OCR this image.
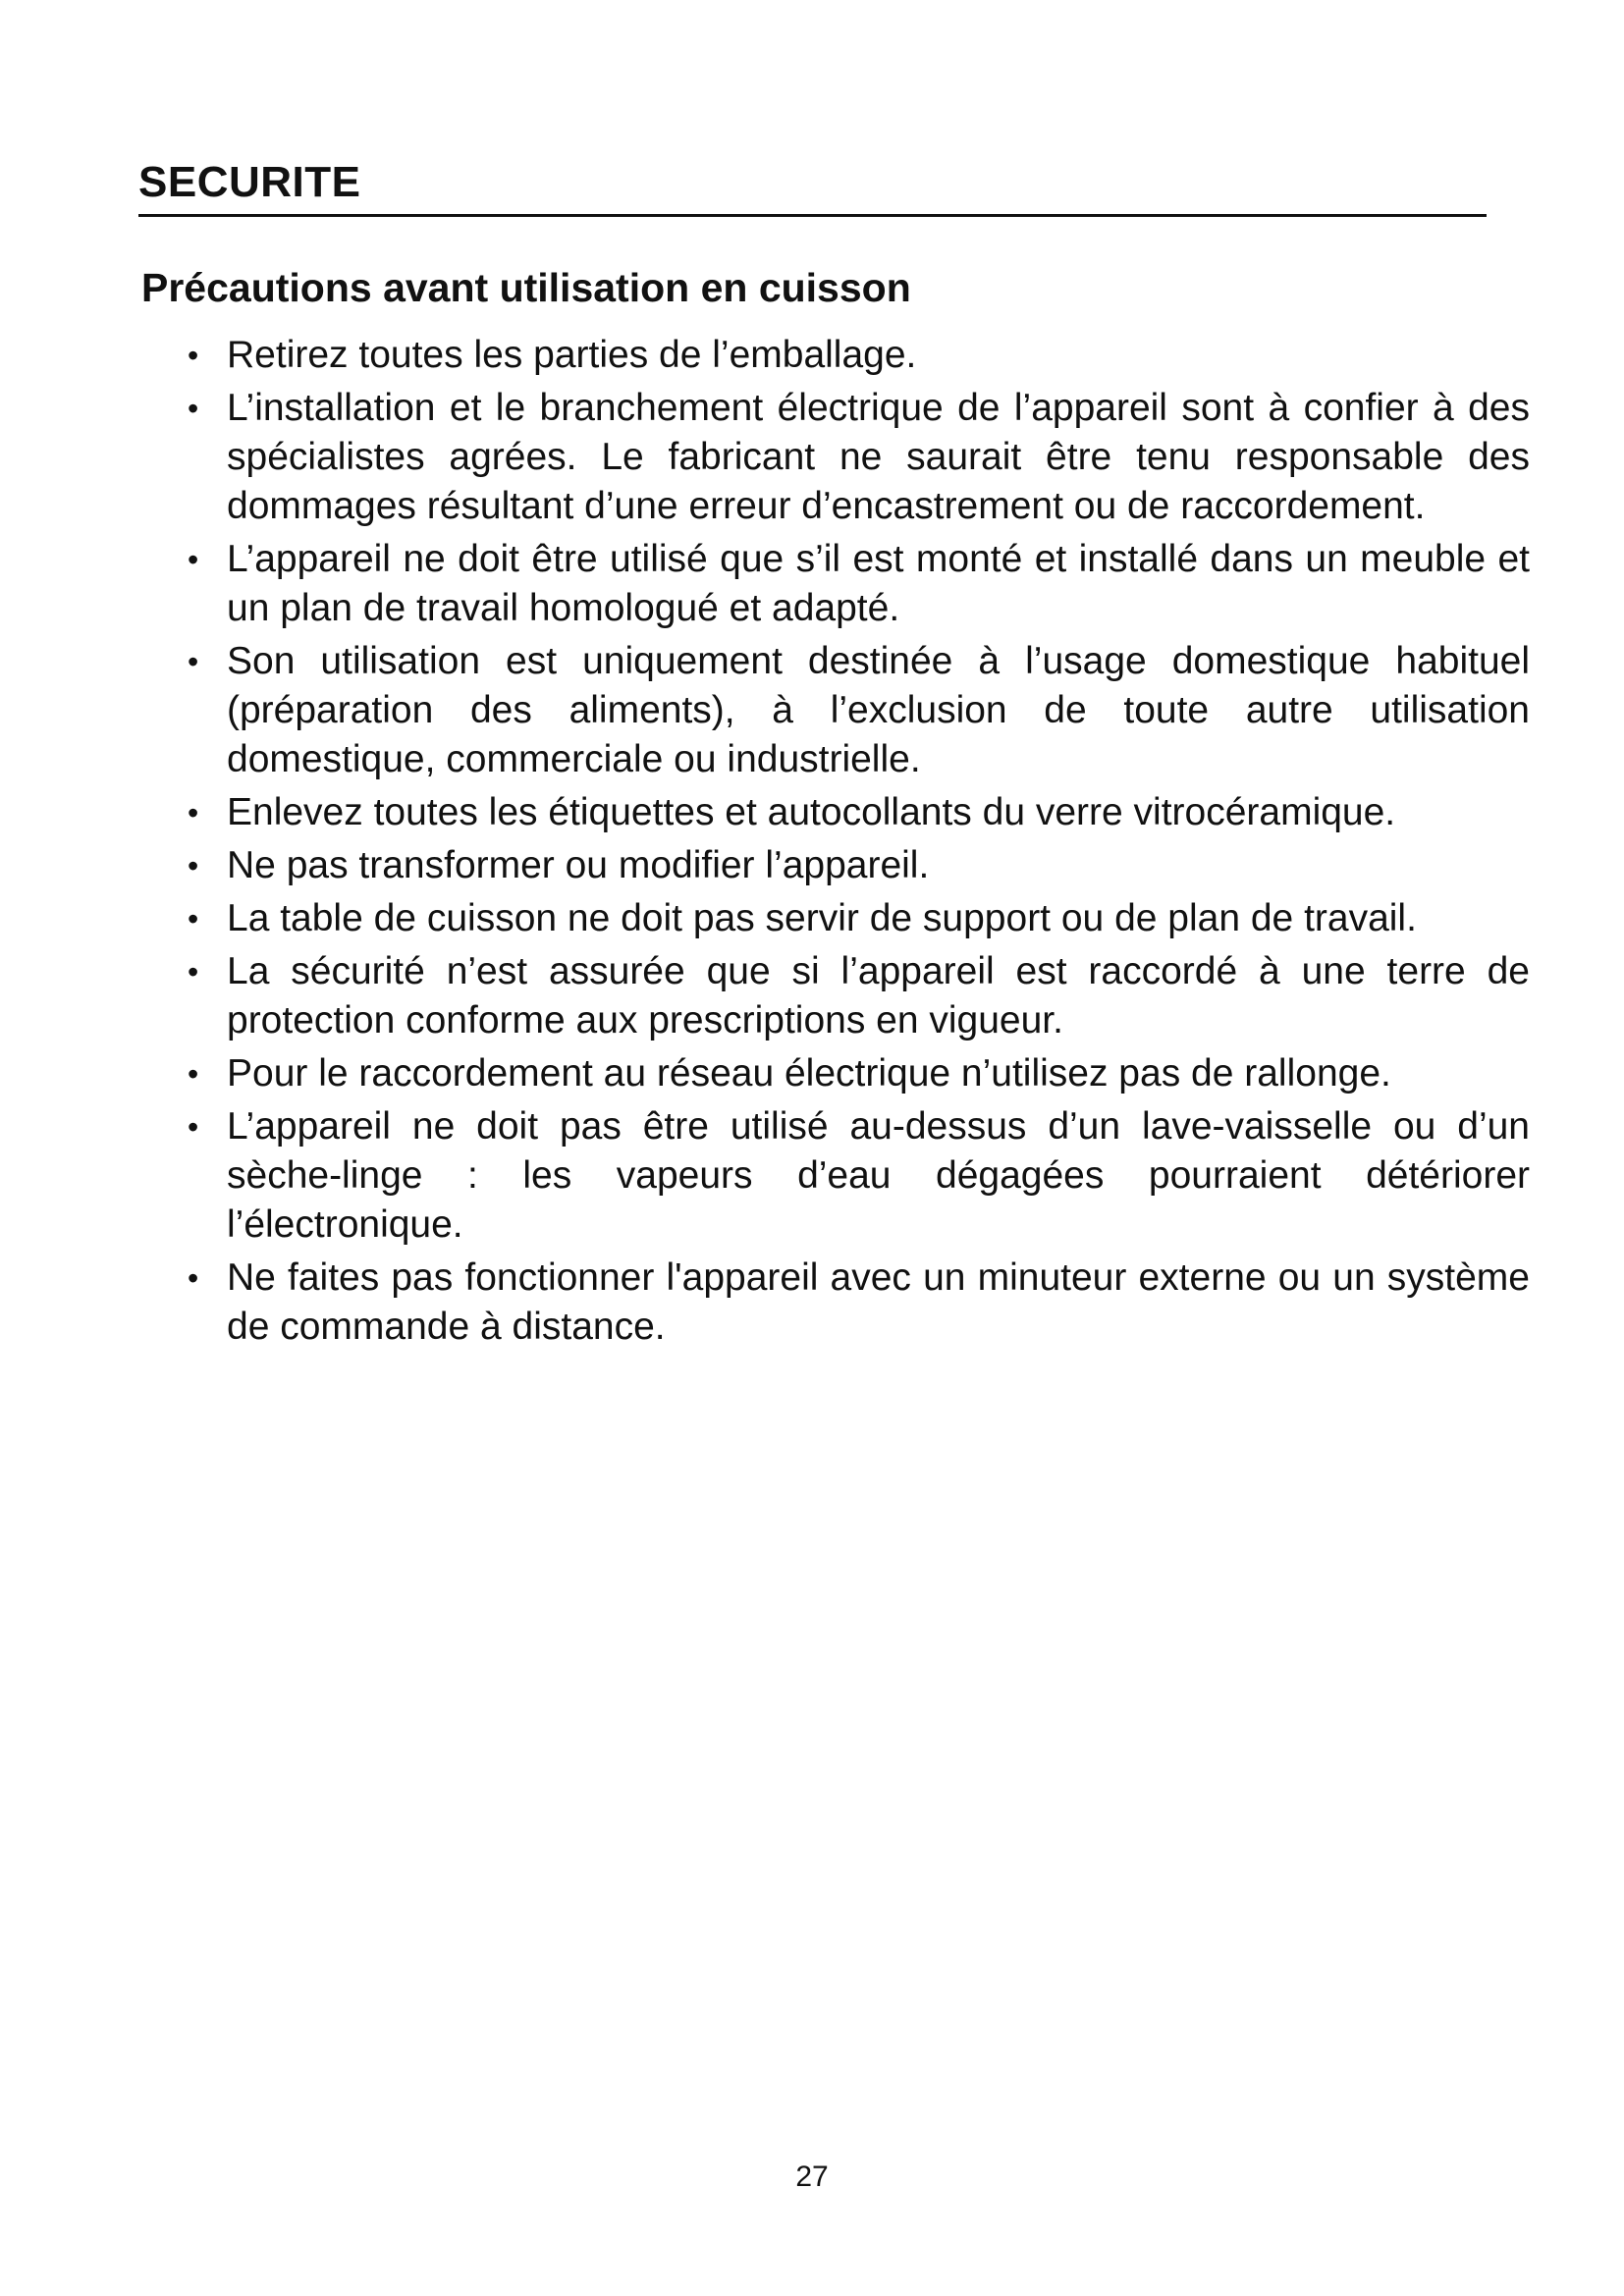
SECURITE
Précautions avant utilisation en cuisson
• Retirez toutes les parties de l’emballage.
• L’installation et le branchement électrique de l’appareil sont à confier à des spécialistes agrées. Le fabricant ne saurait être tenu responsable des dommages résultant d’une erreur d’encastrement ou de raccordement.
• L’appareil ne doit être utilisé que s’il est monté et installé dans un meuble et un plan de travail homologué et adapté.
• Son utilisation est uniquement destinée à l’usage domestique habituel (préparation des aliments), à l’exclusion de toute autre utilisation domestique, commerciale ou industrielle.
• Enlevez toutes les étiquettes et autocollants du verre vitrocéramique.
• Ne pas transformer ou modifier l’appareil.
• La table de cuisson ne doit pas servir de support ou de plan de travail.
• La sécurité n’est assurée que si l’appareil est raccordé à une terre de protection conforme aux prescriptions en vigueur.
• Pour le raccordement au réseau électrique n’utilisez pas de rallonge.
• L’appareil ne doit pas être utilisé au-dessus d’un lave-vaisselle ou d’un sèche-linge : les vapeurs d’eau dégagées pourraient détériorer l’électronique.
• Ne faites pas fonctionner l'appareil avec un minuteur externe ou un système de commande à distance.
27
